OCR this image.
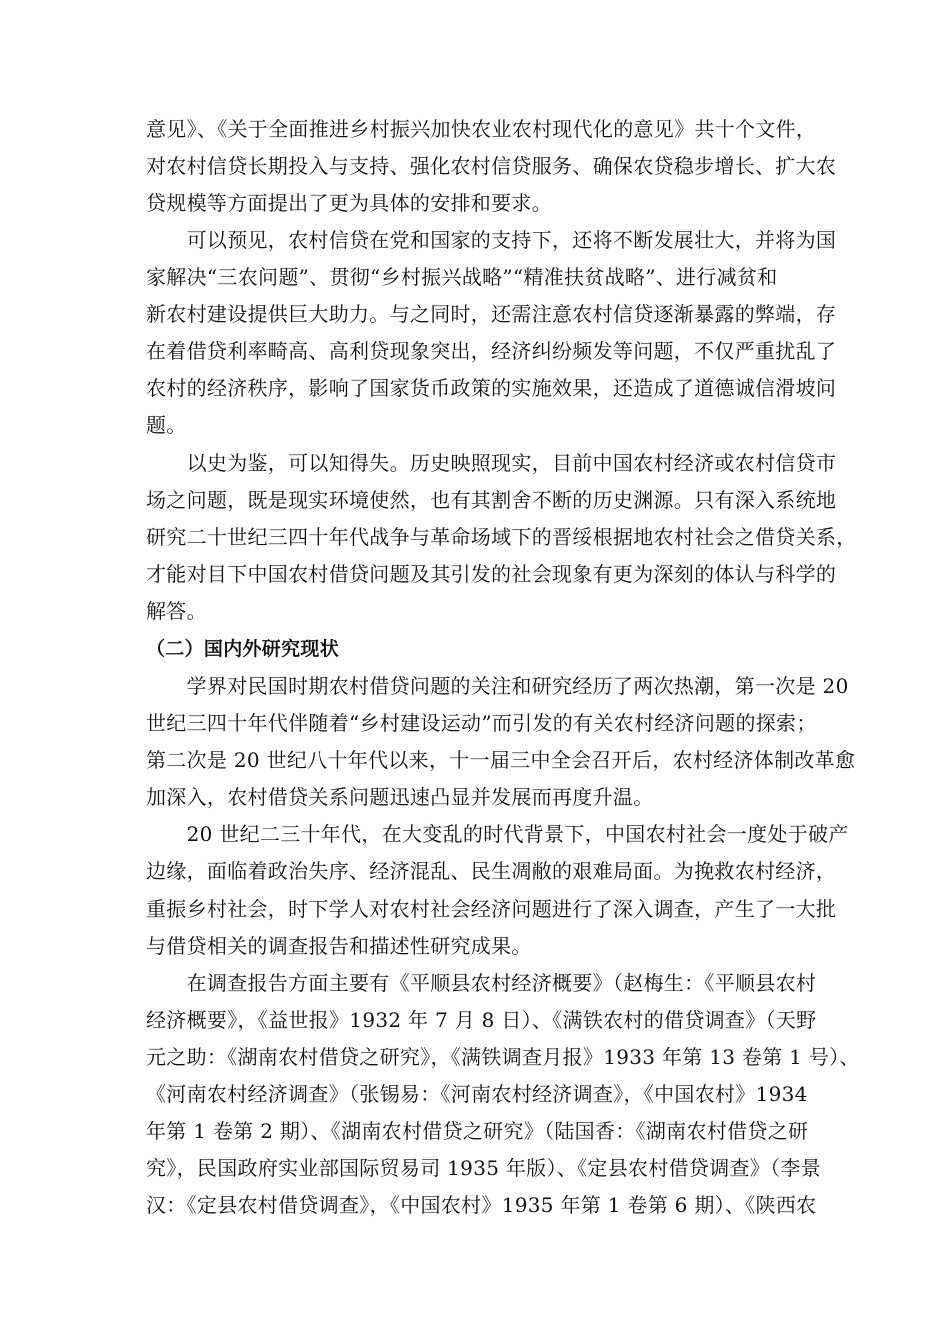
意见》、《关于全面推进乡村振兴加快农业农村现代化的意见》共十个文件，
对农村信贷长期投入与支持、强化农村信贷服务、确保农贷稳步增长、扩大农
贷规模等方面提出了更为具体的安排和要求。
　　可以预见，农村信贷在党和国家的支持下，还将不断发展壮大，并将为国
家解决“三农问题”、贯彻“乡村振兴战略”“精准扶贫战略”、进行减贫和
新农村建设提供巨大助力。与之同时，还需注意农村信贷逐渐暴露的弊端，存
在着借贷利率畸高、高利贷现象突出，经济纠纷频发等问题，不仅严重扰乱了
农村的经济秩序，影响了国家货币政策的实施效果，还造成了道德诚信滑坡问
题。
　　以史为鉴，可以知得失。历史映照现实，目前中国农村经济或农村信贷市
场之问题，既是现实环境使然，也有其割舍不断的历史渊源。只有深入系统地
研究二十世纪三四十年代战争与革命场域下的晋绥根据地农村社会之借贷关系，
才能对目下中国农村借贷问题及其引发的社会现象有更为深刻的体认与科学的
解答。
（二）国内外研究现状
　　学界对民国时期农村借贷问题的关注和研究经历了两次热潮，第一次是 20
世纪三四十年代伴随着“乡村建设运动”而引发的有关农村经济问题的探索；
第二次是 20 世纪八十年代以来，十一届三中全会召开后，农村经济体制改革愈
加深入，农村借贷关系问题迅速凸显并发展而再度升温。
　　20 世纪二三十年代，在大变乱的时代背景下，中国农村社会一度处于破产
边缘，面临着政治失序、经济混乱、民生凋敝的艰难局面。为挽救农村经济，
重振乡村社会，时下学人对农村社会经济问题进行了深入调查，产生了一大批
与借贷相关的调查报告和描述性研究成果。
　　在调查报告方面主要有《平顺县农村经济概要》（赵梅生：《平顺县农村
经济概要》，《益世报》1932 年 7 月 8 日）、《满铁农村的借贷调查》（天野
元之助：《湖南农村借贷之研究》，《满铁调查月报》1933 年第 13 卷第 1 号）、
《河南农村经济调查》（张锡易：《河南农村经济调查》，《中国农村》1934
年第 1 卷第 2 期）、《湖南农村借贷之研究》（陆国香：《湖南农村借贷之研
究》，民国政府实业部国际贸易司 1935 年版）、《定县农村借贷调查》（李景
汉：《定县农村借贷调查》，《中国农村》1935 年第 1 卷第 6 期）、《陕西农
